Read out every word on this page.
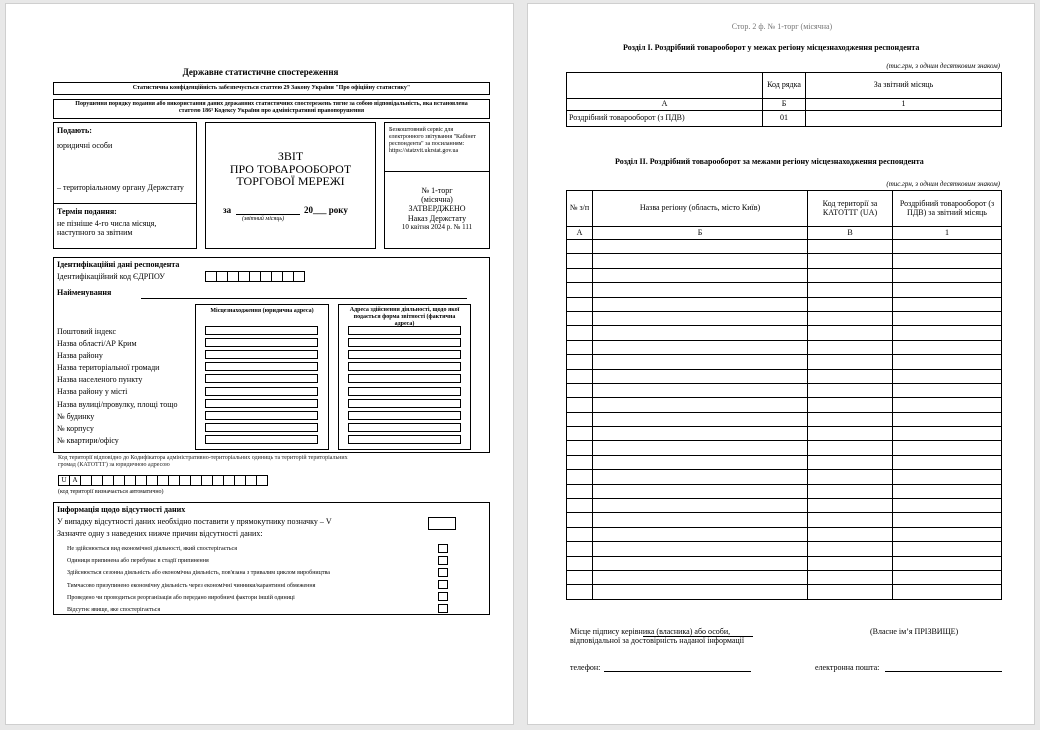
Державне статистичне спостереження
Статистична конфіденційність забезпечується статтею 29 Закону України "Про офіційну статистику"
Порушення порядку подання або використання даних державних статистичних спостережень тягне за собою відповідальність, яка встановлена статтею 186³ Кодексу України про адміністративні правопорушення
Подають:
юридичні особи
– територіальному органу Держстату
Термін подання:
не пізніше 4-го числа місяця, наступного за звітним
ЗВІТ
ПРО ТОВАРООБОРОТ
ТОРГОВОЇ МЕРЕЖІ
за	20___ року
(звітний місяць)
Безкоштовний сервіс для електронного звітування "Кабінет респондента" за посиланням: https://statzvit.ukrstat.gov.ua
№ 1-торг
(місячна)
ЗАТВЕРДЖЕНО
Наказ Держстату
10 квітня 2024 р. № 111
Ідентифікаційні дані респондента
Ідентифікаційний код ЄДРПОУ
Найменування
Місцезнаходження (юридична адреса)	Адреса здійснення діяльності, щодо якої подається форма звітності (фактична адреса)
Поштовий індекс
Назва області/АР Крим
Назва району
Назва територіальної громади
Назва населеного пункту
Назва району у місті
Назва вулиці/провулку, площі тощо
№ будинку
№ корпусу
№ квартири/офісу
Код території відповідно до Кодифікатора адміністративно-територіальних одиниць та територій територіальних громад (КАТОТТГ) за юридичною адресою
U A
(код території визначається автоматично)
Інформація щодо відсутності даних
У випадку відсутності даних необхідно поставити у прямокутнику позначку – V
Зазначте одну з наведених нижче причин відсутності даних:
Не здійснюється вид економічної діяльності, який спостерігається
Одиниця припинена або перебуває в стадії припинення
Здійснюється сезонна діяльність або економічна діяльність, пов'язана з тривалим циклом виробництва
Тимчасово призупинено економічну діяльність через економічні чинники/карантинні обмеження
Проведено чи проводиться реорганізація або передано виробничі фактори іншій одиниці
Відсутнє явище, яке спостерігається
Стор. 2 ф. № 1-торг (місячна)
Розділ І. Роздрібний товарооборот у межах регіону місцезнаходження респондента
(тис.грн, з одним десятковим знаком)
	Код рядка	За звітний місяць
А	Б	1
Роздрібний товарооборот (з ПДВ)	01	
Розділ ІІ. Роздрібний товарооборот за межами регіону місцезнаходження респондента
(тис.грн, з одним десятковим знаком)
№ з/п	Назва регіону (область, місто Київ)	Код території за КАТОТТГ (UA)	Роздрібний товарооборот (з ПДВ) за звітний місяць
А	Б	В	1

Місце підпису керівника (власника) або особи, відповідальної за достовірність наданої інформації
(Власне ім’я ПРІЗВИЩЕ)
телефон:	електронна пошта:
